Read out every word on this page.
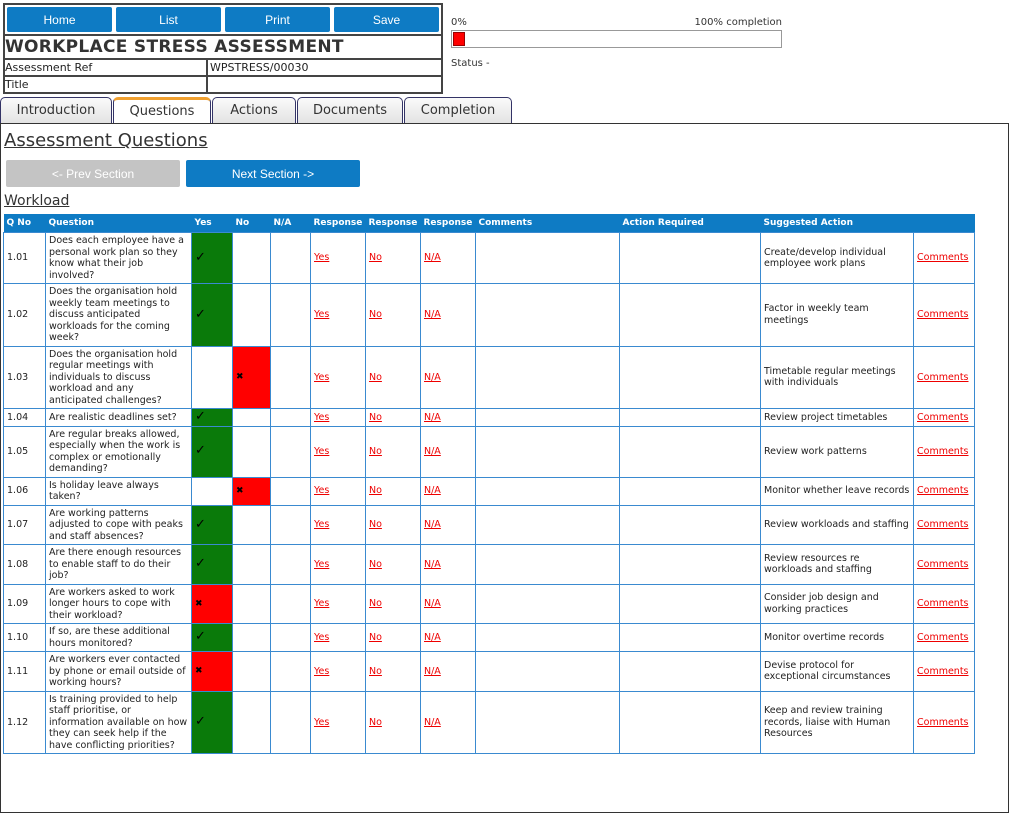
Home	List	Print	Save
WORKPLACE STRESS ASSESSMENT
Assessment Ref	WPSTRESS/00030
Title
0%	100% completion
Status -
Introduction	Questions	Actions	Documents	Completion
Assessment Questions
<- Prev Section	Next Section ->
Workload
Q No	Question	Yes	No	N/A	Response	Response	Response	Comments	Action Required	Suggested Action	
1.01	Does each employee have a personal work plan so they know what their job involved?	✓			Yes	No	N/A			Create/develop individual employee work plans	Comments
1.02	Does the organisation hold weekly team meetings to discuss anticipated workloads for the coming week?	✓			Yes	No	N/A			Factor in weekly team meetings	Comments
1.03	Does the organisation hold regular meetings with individuals to discuss workload and any anticipated challenges?		✖		Yes	No	N/A			Timetable regular meetings with individuals	Comments
1.04	Are realistic deadlines set?	✓			Yes	No	N/A			Review project timetables	Comments
1.05	Are regular breaks allowed, especially when the work is complex or emotionally demanding?	✓			Yes	No	N/A			Review work patterns	Comments
1.06	Is holiday leave always taken?		✖		Yes	No	N/A			Monitor whether leave records	Comments
1.07	Are working patterns adjusted to cope with peaks and staff absences?	✓			Yes	No	N/A			Review workloads and staffing	Comments
1.08	Are there enough resources to enable staff to do their job?	✓			Yes	No	N/A			Review resources re workloads and staffing	Comments
1.09	Are workers asked to work longer hours to cope with their workload?	✖			Yes	No	N/A			Consider job design and working practices	Comments
1.10	If so, are these additional hours monitored?	✓			Yes	No	N/A			Monitor overtime records	Comments
1.11	Are workers ever contacted by phone or email outside of working hours?	✖			Yes	No	N/A			Devise protocol for exceptional circumstances	Comments
1.12	Is training provided to help staff prioritise, or information available on how they can seek help if the have conflicting priorities?	✓			Yes	No	N/A			Keep and review training records, liaise with Human Resources	Comments
